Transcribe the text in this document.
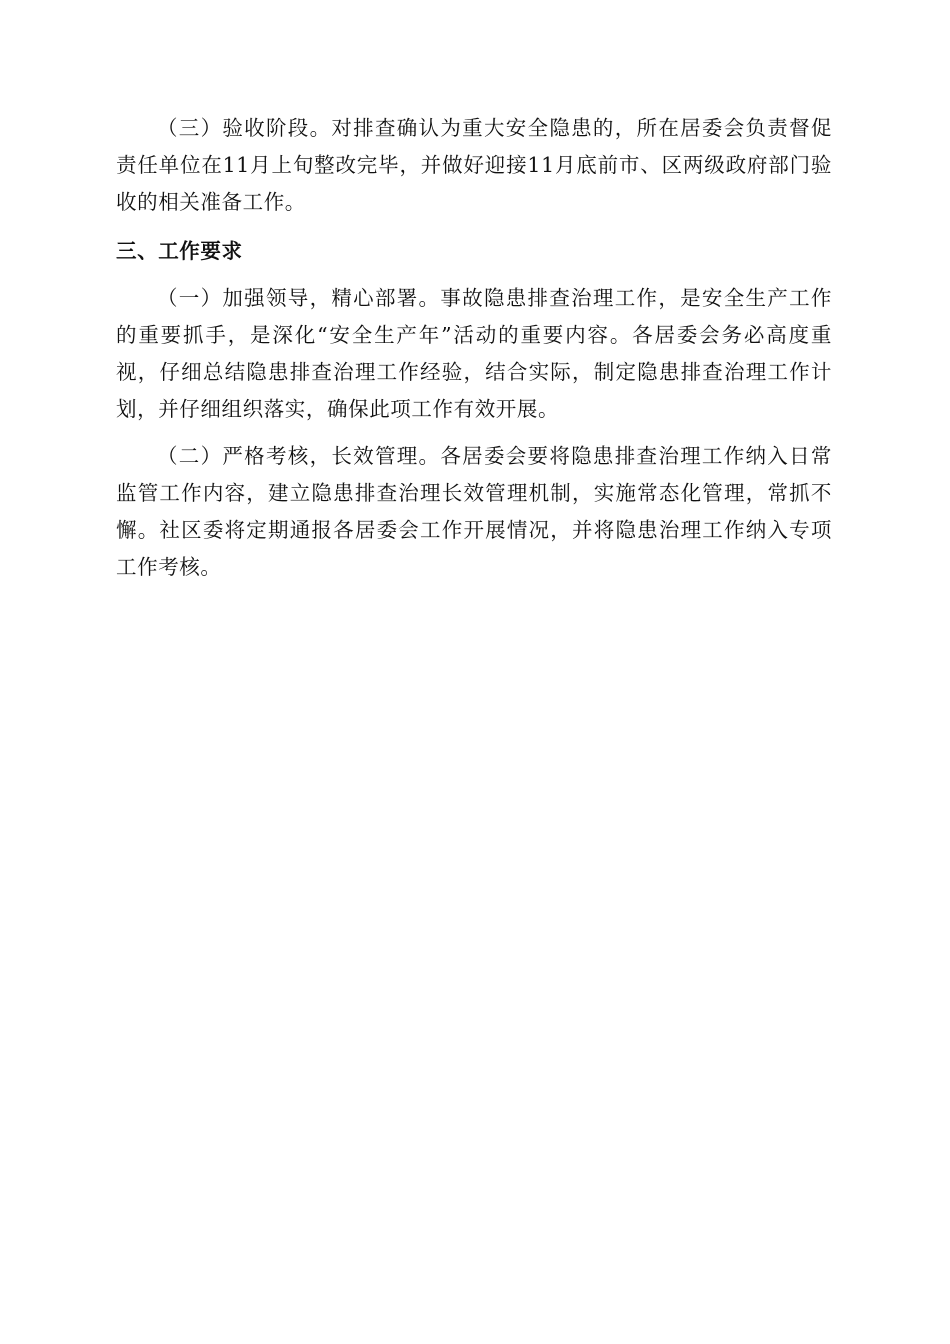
（三）验收阶段。对排查确认为重大安全隐患的，所在居委会负责督促责任单位在11月上旬整改完毕，并做好迎接11月底前市、区两级政府部门验收的相关准备工作。

三、工作要求

（一）加强领导，精心部署。事故隐患排查治理工作，是安全生产工作的重要抓手，是深化“安全生产年”活动的重要内容。各居委会务必高度重视，仔细总结隐患排查治理工作经验，结合实际，制定隐患排查治理工作计划，并仔细组织落实，确保此项工作有效开展。

（二）严格考核，长效管理。各居委会要将隐患排查治理工作纳入日常监管工作内容，建立隐患排查治理长效管理机制，实施常态化管理，常抓不懈。社区委将定期通报各居委会工作开展情况，并将隐患治理工作纳入专项工作考核。
